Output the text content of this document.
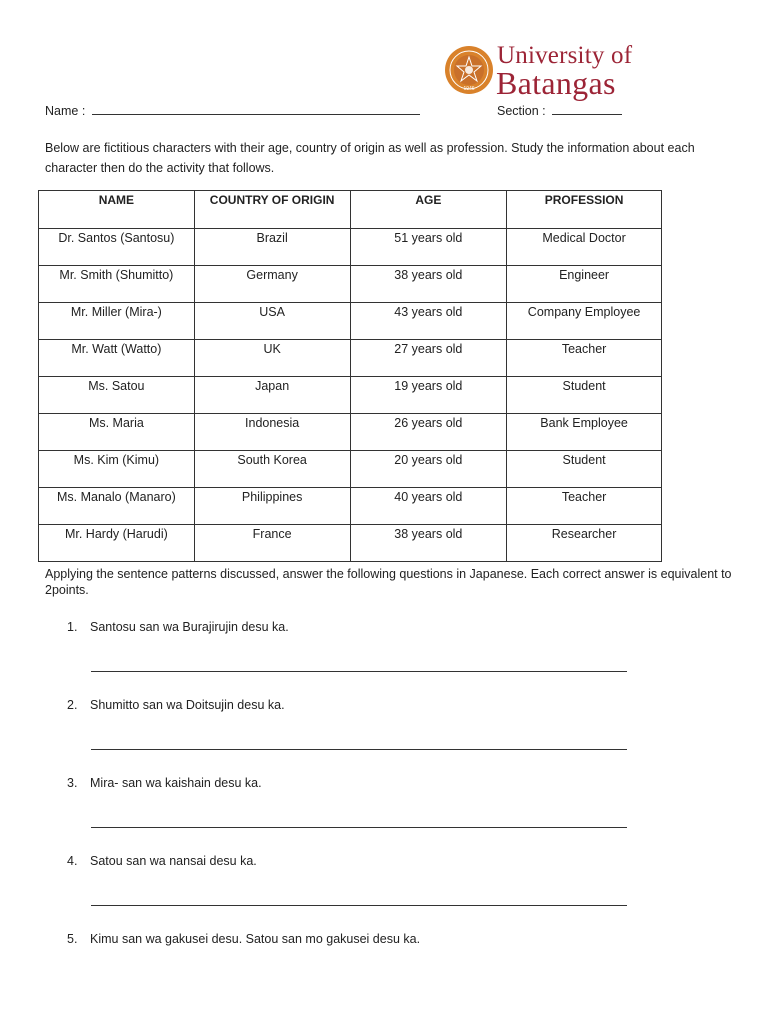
1946
University of
Batangas
Name :	Section :

Below are fictitious characters with their age, country of origin as well as profession. Study the information about each character then do the activity that follows.

NAME	COUNTRY OF ORIGIN	AGE	PROFESSION
Dr. Santos (Santosu)	Brazil	51 years old	Medical Doctor
Mr. Smith (Shumitto)	Germany	38 years old	Engineer
Mr. Miller (Mira-)	USA	43 years old	Company Employee
Mr. Watt (Watto)	UK	27 years old	Teacher
Ms. Satou	Japan	19 years old	Student
Ms. Maria	Indonesia	26 years old	Bank Employee
Ms. Kim (Kimu)	South Korea	20 years old	Student
Ms. Manalo (Manaro)	Philippines	40 years old	Teacher
Mr. Hardy (Harudi)	France	38 years old	Researcher

Applying the sentence patterns discussed, answer the following questions in Japanese. Each correct answer is equivalent to 2points.

1. Santosu san wa Burajirujin desu ka.
2. Shumitto san wa Doitsujin desu ka.
3. Mira- san wa kaishain desu ka.
4. Satou san wa nansai desu ka.
5. Kimu san wa gakusei desu. Satou san mo gakusei desu ka.
